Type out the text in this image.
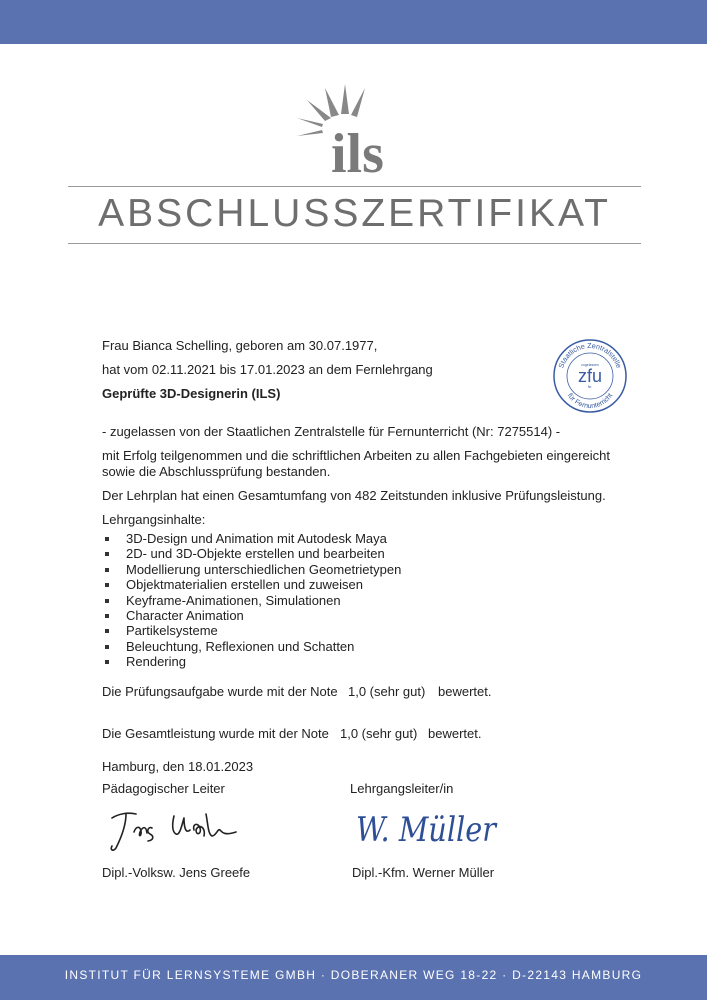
ils
ABSCHLUSSZERTIFIKAT
Frau Bianca Schelling, geboren am 30.07.1977,
hat vom 02.11.2021 bis 17.01.2023 an dem Fernlehrgang
Geprüfte 3D-Designerin (ILS)
- zugelassen von der Staatlichen Zentralstelle für Fernunterricht (Nr: 7275514) -
mit Erfolg teilgenommen und die schriftlichen Arbeiten zu allen Fachgebieten eingereicht
sowie die Abschlussprüfung bestanden.
Der Lehrplan hat einen Gesamtumfang von 482 Zeitstunden inklusive Prüfungsleistung.
Lehrgangsinhalte:
3D-Design und Animation mit Autodesk Maya
2D- und 3D-Objekte erstellen und bearbeiten
Modellierung unterschiedlichen Geometrietypen
Objektmaterialien erstellen und zuweisen
Keyframe-Animationen, Simulationen
Character Animation
Partikelsysteme
Beleuchtung, Reflexionen und Schatten
Rendering
Die Prüfungsaufgabe wurde mit der Note 1,0 (sehr gut) bewertet.
Die Gesamtleistung wurde mit der Note 1,0 (sehr gut) bewertet.
Hamburg, den 18.01.2023
Pädagogischer Leiter	Lehrgangsleiter/in
W. Müller
Dipl.-Volksw. Jens Greefe	Dipl.-Kfm. Werner Müller
Staatliche Zentralstelle
für Fernunterricht
zugelassen
zfu
Nr.
INSTITUT FÜR LERNSYSTEME GMBH · DOBERANER WEG 18-22 · D-22143 HAMBURG
